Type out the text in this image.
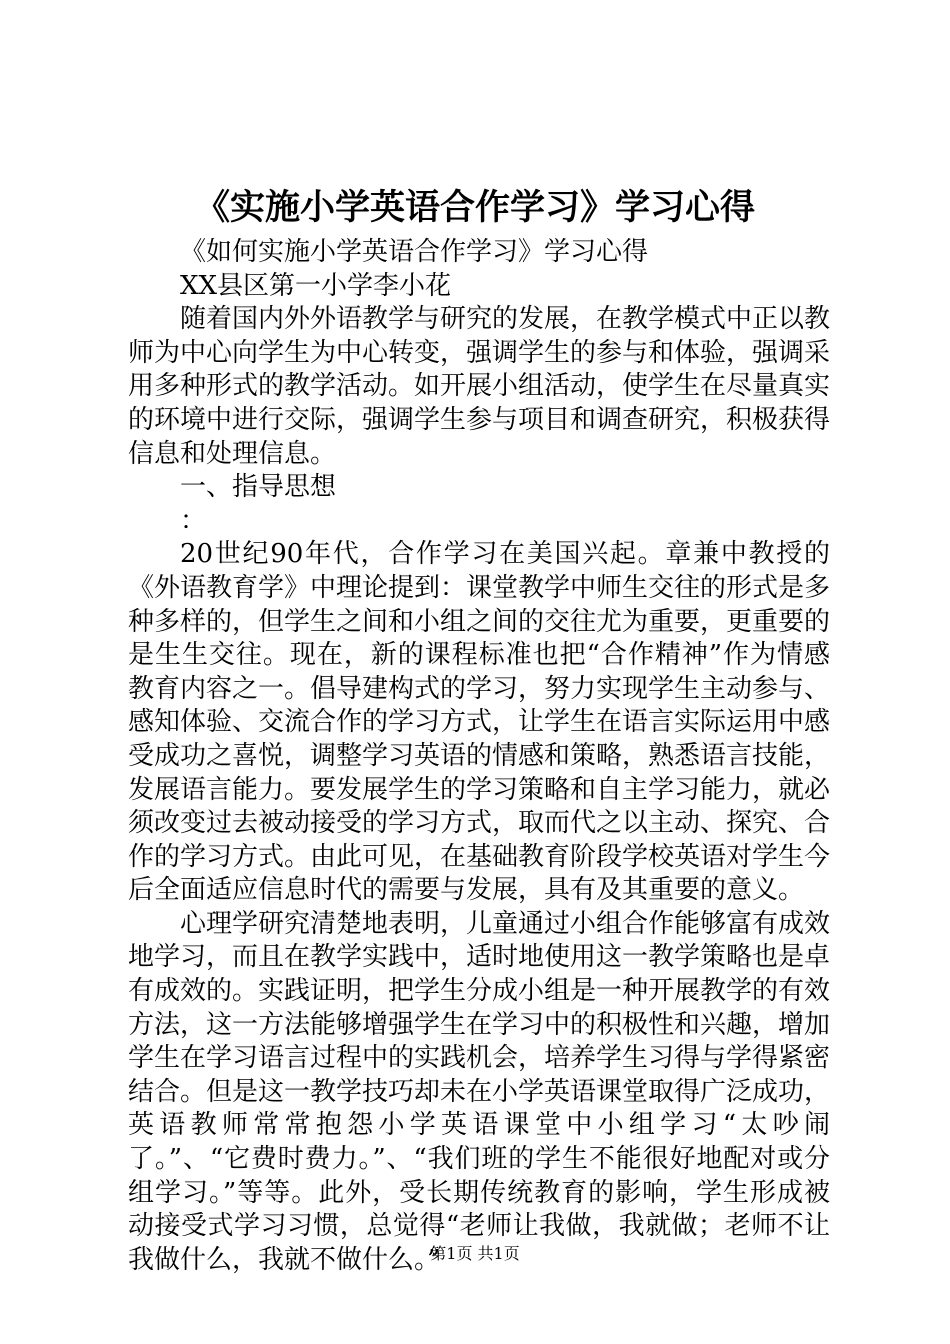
《实施小学英语合作学习》学习心得

《如何实施小学英语合作学习》学习心得

XX县区第一小学李小花

随着国内外外语教学与研究的发展，在教学模式中正以教师为中心向学生为中心转变，强调学生的参与和体验，强调采用多种形式的教学活动。如开展小组活动，使学生在尽量真实的环境中进行交际，强调学生参与项目和调查研究，积极获得信息和处理信息。

一、指导思想

：

20世纪90年代，合作学习在美国兴起。章兼中教授的《外语教育学》中理论提到：课堂教学中师生交往的形式是多种多样的，但学生之间和小组之间的交往尤为重要，更重要的是生生交往。现在，新的课程标准也把“合作精神”作为情感教育内容之一。倡导建构式的学习，努力实现学生主动参与、感知体验、交流合作的学习方式，让学生在语言实际运用中感受成功之喜悦，调整学习英语的情感和策略，熟悉语言技能，发展语言能力。要发展学生的学习策略和自主学习能力，就必须改变过去被动接受的学习方式，取而代之以主动、探究、合作的学习方式。由此可见，在基础教育阶段学校英语对学生今后全面适应信息时代的需要与发展，具有及其重要的意义。

心理学研究清楚地表明，儿童通过小组合作能够富有成效地学习，而且在教学实践中，适时地使用这一教学策略也是卓有成效的。实践证明，把学生分成小组是一种开展教学的有效方法，这一方法能够增强学生在学习中的积极性和兴趣，增加学生在学习语言过程中的实践机会，培养学生习得与学得紧密结合。但是这一教学技巧却未在小学英语课堂取得广泛成功，英语教师常常抱怨小学英语课堂中小组学习“太吵闹了。”、“它费时费力。”、“我们班的学生不能很好地配对或分组学习。”等等。此外，受长期传统教育的影响，学生形成被动接受式学习习惯，总觉得“老师让我做，我就做；老师不让我做什么，我就不做什么。”

第1页 共1页
